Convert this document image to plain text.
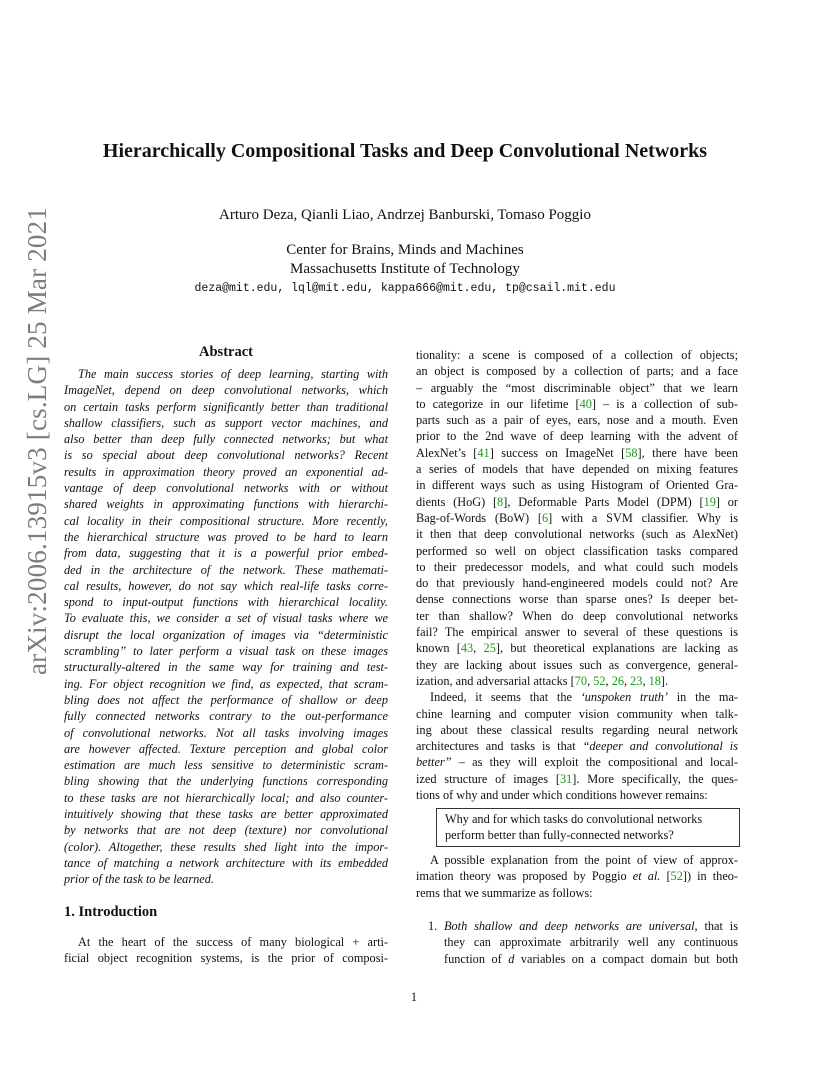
arXiv:2006.13915v3 [cs.LG] 25 Mar 2021
Hierarchically Compositional Tasks and Deep Convolutional Networks
Arturo Deza, Qianli Liao, Andrzej Banburski, Tomaso Poggio
Center for Brains, Minds and Machines
Massachusetts Institute of Technology
deza@mit.edu, lql@mit.edu, kappa666@mit.edu, tp@csail.mit.edu
Abstract
The main success stories of deep learning, starting with
ImageNet, depend on deep convolutional networks, which
on certain tasks perform significantly better than traditional
shallow classifiers, such as support vector machines, and
also better than deep fully connected networks; but what
is so special about deep convolutional networks? Recent
results in approximation theory proved an exponential ad-
vantage of deep convolutional networks with or without
shared weights in approximating functions with hierarchi-
cal locality in their compositional structure. More recently,
the hierarchical structure was proved to be hard to learn
from data, suggesting that it is a powerful prior embed-
ded in the architecture of the network. These mathemati-
cal results, however, do not say which real-life tasks corre-
spond to input-output functions with hierarchical locality.
To evaluate this, we consider a set of visual tasks where we
disrupt the local organization of images via “deterministic
scrambling” to later perform a visual task on these images
structurally-altered in the same way for training and test-
ing. For object recognition we find, as expected, that scram-
bling does not affect the performance of shallow or deep
fully connected networks contrary to the out-performance
of convolutional networks. Not all tasks involving images
are however affected. Texture perception and global color
estimation are much less sensitive to deterministic scram-
bling showing that the underlying functions corresponding
to these tasks are not hierarchically local; and also counter-
intuitively showing that these tasks are better approximated
by networks that are not deep (texture) nor convolutional
(color). Altogether, these results shed light into the impor-
tance of matching a network architecture with its embedded
prior of the task to be learned.
1. Introduction
At the heart of the success of many biological + arti-
ficial object recognition systems, is the prior of composi-
tionality: a scene is composed of a collection of objects;
an object is composed by a collection of parts; and a face
– arguably the “most discriminable object” that we learn
to categorize in our lifetime [40] – is a collection of sub-
parts such as a pair of eyes, ears, nose and a mouth. Even
prior to the 2nd wave of deep learning with the advent of
AlexNet’s [41] success on ImageNet [58], there have been
a series of models that have depended on mixing features
in different ways such as using Histogram of Oriented Gra-
dients (HoG) [8], Deformable Parts Model (DPM) [19] or
Bag-of-Words (BoW) [6] with a SVM classifier. Why is
it then that deep convolutional networks (such as AlexNet)
performed so well on object classification tasks compared
to their predecessor models, and what could such models
do that previously hand-engineered models could not? Are
dense connections worse than sparse ones? Is deeper bet-
ter than shallow? When do deep convolutional networks
fail? The empirical answer to several of these questions is
known [43, 25], but theoretical explanations are lacking as
they are lacking about issues such as convergence, general-
ization, and adversarial attacks [70, 52, 26, 23, 18].
Indeed, it seems that the ‘unspoken truth’ in the ma-
chine learning and computer vision community when talk-
ing about these classical results regarding neural network
architectures and tasks is that “deeper and convolutional is
better” – as they will exploit the compositional and local-
ized structure of images [31]. More specifically, the ques-
tions of why and under which conditions however remains:
Why and for which tasks do convolutional networks
perform better than fully-connected networks?
A possible explanation from the point of view of approx-
imation theory was proposed by Poggio et al. [52]) in theo-
rems that we summarize as follows:
1. Both shallow and deep networks are universal, that is
they can approximate arbitrarily well any continuous
function of d variables on a compact domain but both
1
